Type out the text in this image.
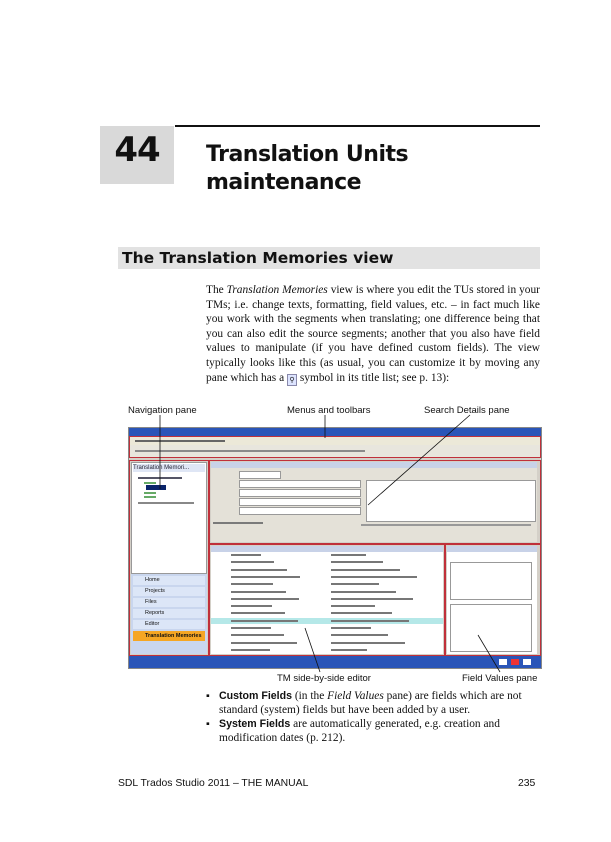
44	Translation Units
maintenance
The Translation Memories view
The Translation Memories view is where you edit the TUs stored in your TMs; i.e. change texts, formatting, field values, etc. – in fact much like you work with the segments when translating; one difference being that you can also edit the source segments; another that you also have field values to manipulate (if you have defined custom fields). The view typically looks like this (as usual, you can customize it by moving any pane which has a ⚲ symbol in its title list; see p. 13):
Navigation pane	Menus and toolbars	Search Details pane
TM side-by-side editor	Field Values pane
Translation Memori...
Home
Projects
Files
Reports
Editor
Translation Memories

▪ Custom Fields (in the Field Values pane) are fields which are not standard (system) fields but have been added by a user.

▪ System Fields are automatically generated, e.g. creation and modification dates (p. 212).

SDL Trados Studio 2011 – THE MANUAL	235
